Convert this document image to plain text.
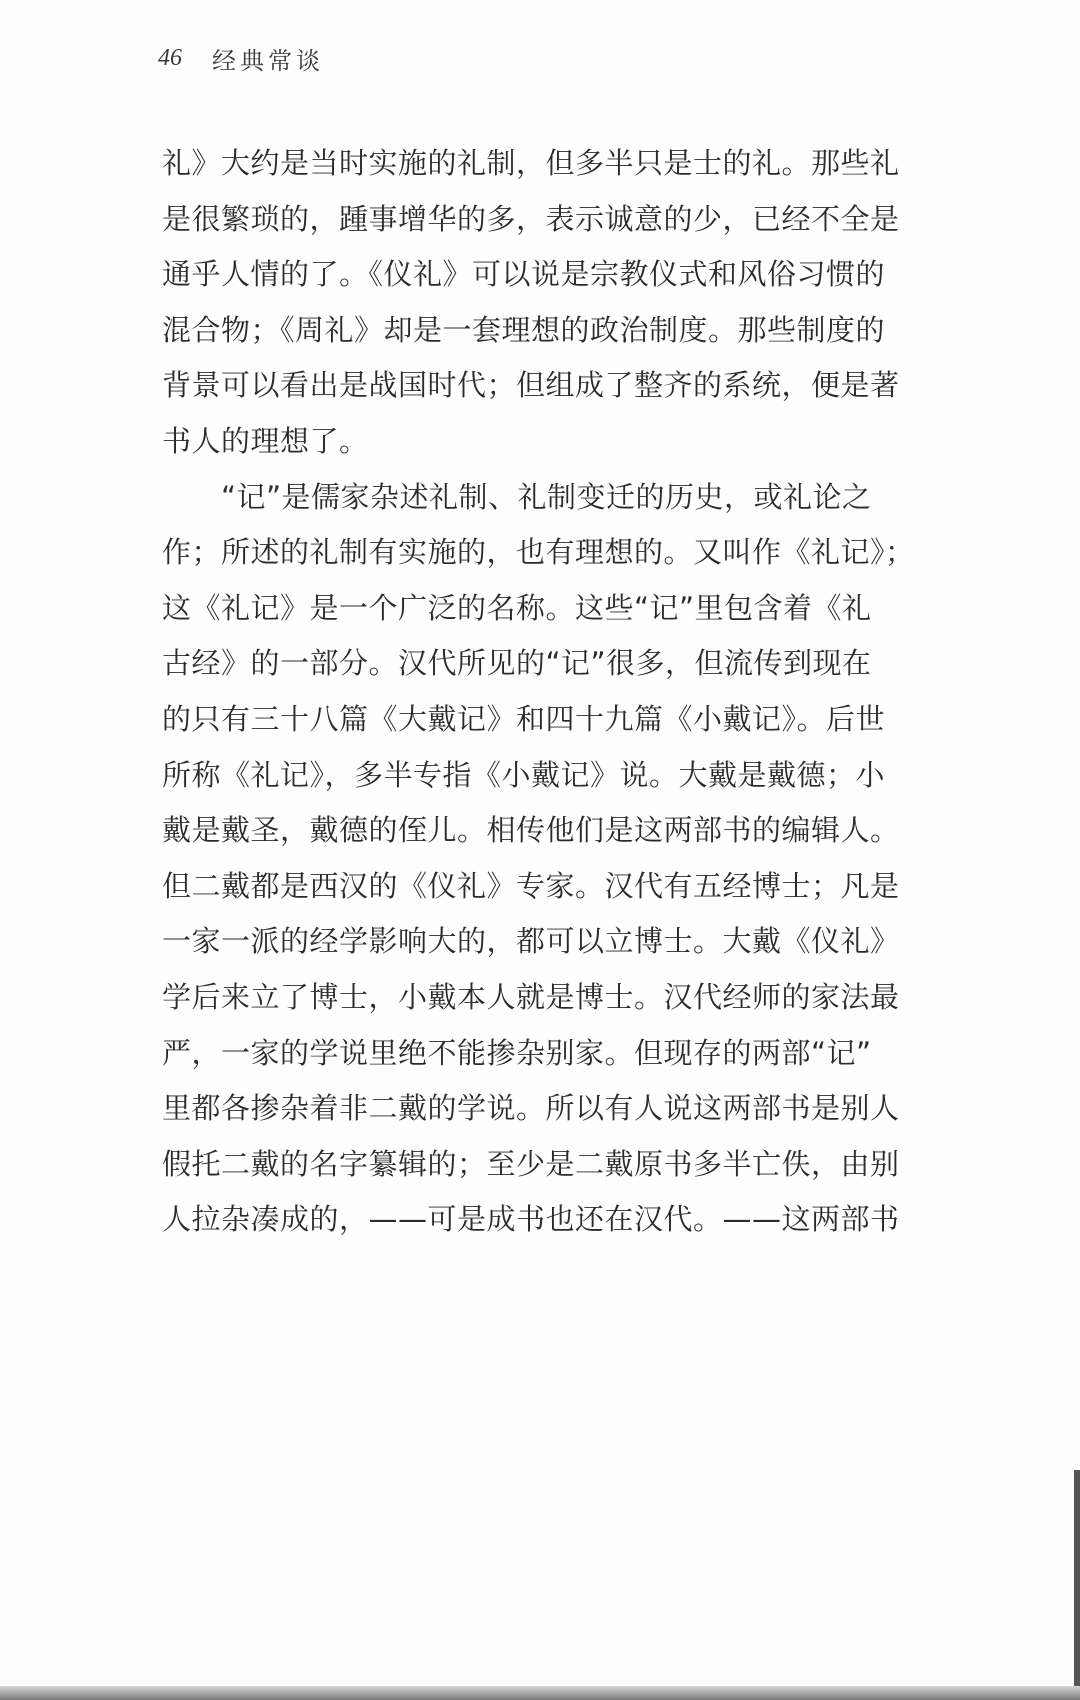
46 经典常谈
礼》大约是当时实施的礼制，但多半只是士的礼。那些礼
是很繁琐的，踵事增华的多，表示诚意的少，已经不全是
通乎人情的了。《仪礼》可以说是宗教仪式和风俗习惯的
混合物；《周礼》却是一套理想的政治制度。那些制度的
背景可以看出是战国时代；但组成了整齐的系统，便是著
书人的理想了。
　　“记”是儒家杂述礼制、礼制变迁的历史，或礼论之
作；所述的礼制有实施的，也有理想的。又叫作《礼记》；
这《礼记》是一个广泛的名称。这些“记”里包含着《礼
古经》的一部分。汉代所见的“记”很多，但流传到现在
的只有三十八篇《大戴记》和四十九篇《小戴记》。后世
所称《礼记》，多半专指《小戴记》说。大戴是戴德；小
戴是戴圣，戴德的侄儿。相传他们是这两部书的编辑人。
但二戴都是西汉的《仪礼》专家。汉代有五经博士；凡是
一家一派的经学影响大的，都可以立博士。大戴《仪礼》
学后来立了博士，小戴本人就是博士。汉代经师的家法最
严，一家的学说里绝不能掺杂别家。但现存的两部“记”
里都各掺杂着非二戴的学说。所以有人说这两部书是别人
假托二戴的名字纂辑的；至少是二戴原书多半亡佚，由别
人拉杂凑成的，——可是成书也还在汉代。——这两部书
